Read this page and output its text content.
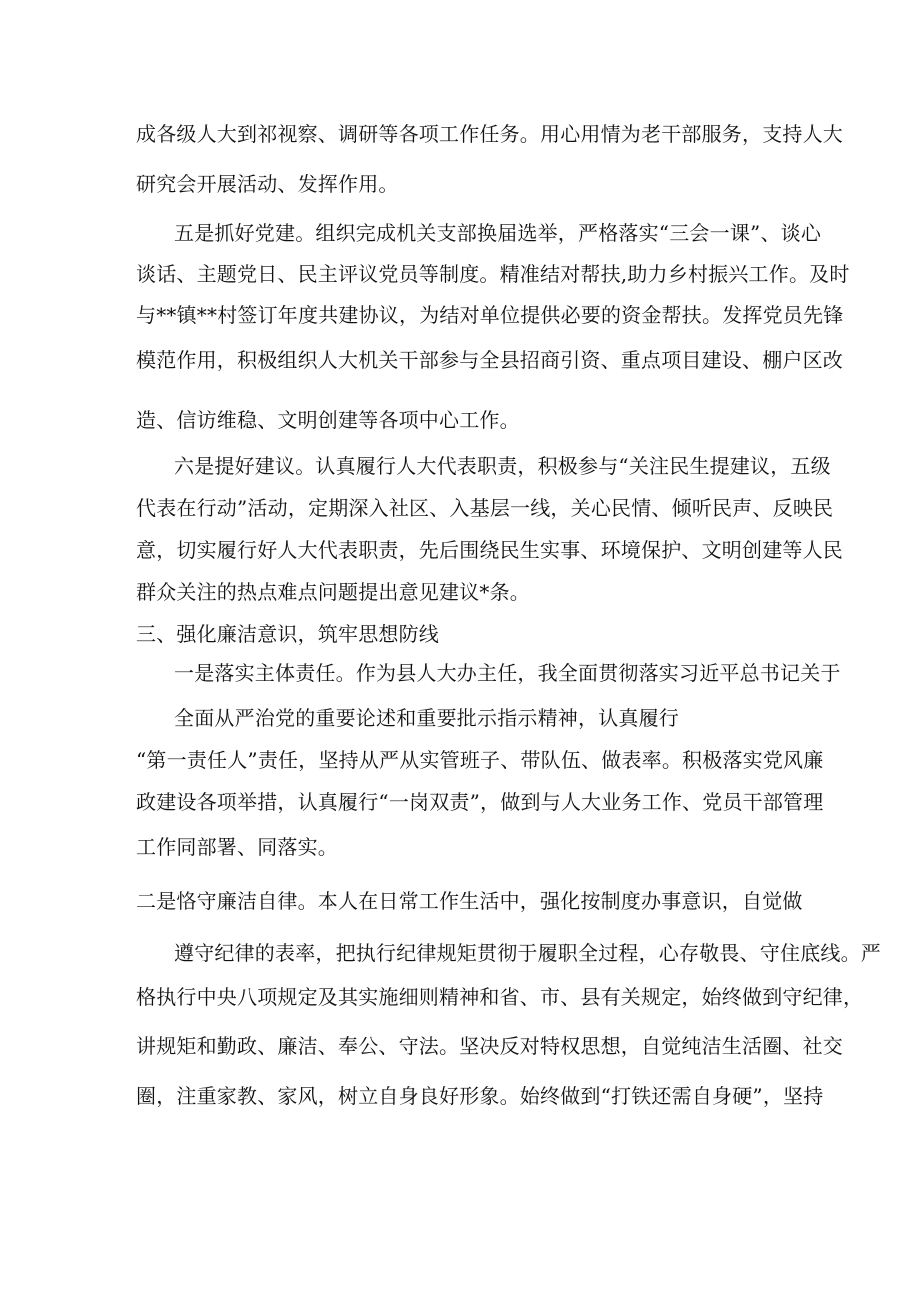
成各级人大到祁视察、调研等各项工作任务。用心用情为老干部服务，支持人大
研究会开展活动、发挥作用。
五是抓好党建。组织完成机关支部换届选举，严格落实“三会一课”、谈心
谈话、主题党日、民主评议党员等制度。精准结对帮扶,助力乡村振兴工作。及时
与**镇**村签订年度共建协议，为结对单位提供必要的资金帮扶。发挥党员先锋
模范作用，积极组织人大机关干部参与全县招商引资、重点项目建设、棚户区改
造、信访维稳、文明创建等各项中心工作。
六是提好建议。认真履行人大代表职责，积极参与“关注民生提建议，五级
代表在行动”活动，定期深入社区、入基层一线，关心民情、倾听民声、反映民
意，切实履行好人大代表职责，先后围绕民生实事、环境保护、文明创建等人民
群众关注的热点难点问题提出意见建议*条。
三、强化廉洁意识，筑牢思想防线
一是落实主体责任。作为县人大办主任，我全面贯彻落实习近平总书记关于
全面从严治党的重要论述和重要批示指示精神，认真履行
“第一责任人”责任，坚持从严从实管班子、带队伍、做表率。积极落实党风廉
政建设各项举措，认真履行“一岗双责”，做到与人大业务工作、党员干部管理
工作同部署、同落实。
二是恪守廉洁自律。本人在日常工作生活中，强化按制度办事意识，自觉做
遵守纪律的表率，把执行纪律规矩贯彻于履职全过程，心存敬畏、守住底线。严
格执行中央八项规定及其实施细则精神和省、市、县有关规定，始终做到守纪律，
讲规矩和勤政、廉洁、奉公、守法。坚决反对特权思想，自觉纯洁生活圈、社交
圈，注重家教、家风，树立自身良好形象。始终做到“打铁还需自身硬”，坚持
